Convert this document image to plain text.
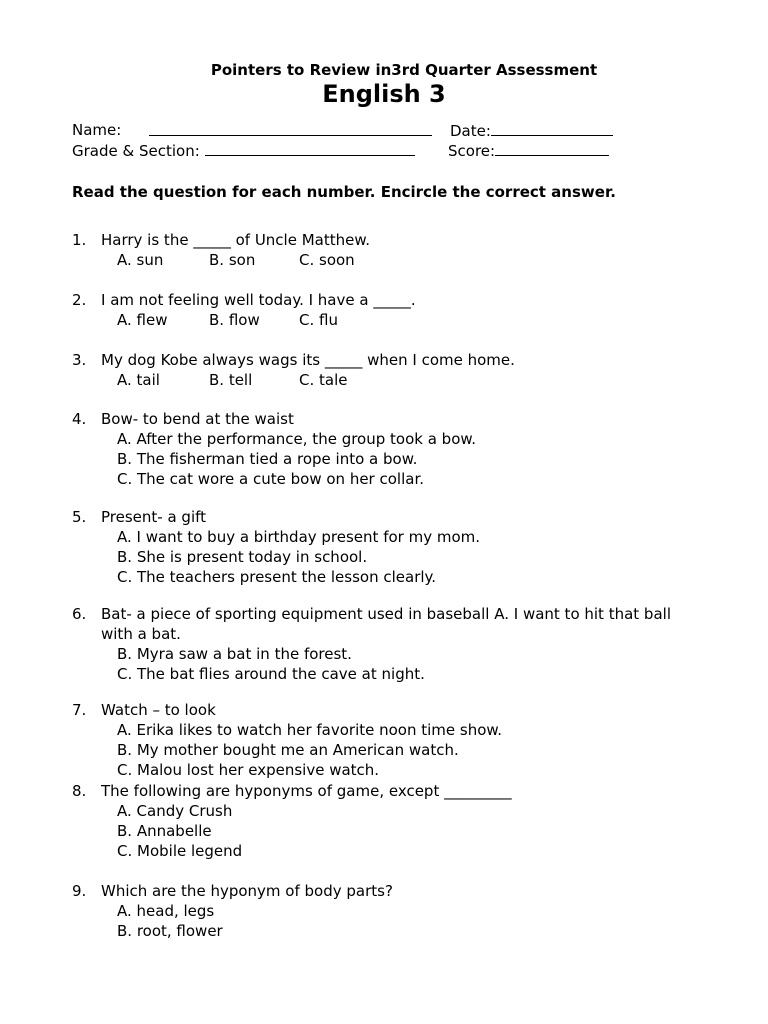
Pointers to Review in3rd Quarter Assessment
English 3
Name:	Date:
Grade & Section:	Score:
Read the question for each number. Encircle the correct answer.
1. Harry is the _____ of Uncle Matthew.
A. sun	B. son	C. soon
2. I am not feeling well today. I have a _____.
A. flew	B. flow	C. flu
3. My dog Kobe always wags its _____ when I come home.
A. tail	B. tell	C. tale
4. Bow- to bend at the waist
A. After the performance, the group took a bow.
B. The fisherman tied a rope into a bow.
C. The cat wore a cute bow on her collar.
5. Present- a gift
A. I want to buy a birthday present for my mom.
B. She is present today in school.
C. The teachers present the lesson clearly.
6. Bat- a piece of sporting equipment used in baseball A. I want to hit that ball with a bat.
B. Myra saw a bat in the forest.
C. The bat flies around the cave at night.
7. Watch – to look
A. Erika likes to watch her favorite noon time show.
B. My mother bought me an American watch.
C. Malou lost her expensive watch.
8. The following are hyponyms of game, except _________
A. Candy Crush
B. Annabelle
C. Mobile legend
9. Which are the hyponym of body parts?
A. head, legs
B. root, flower
